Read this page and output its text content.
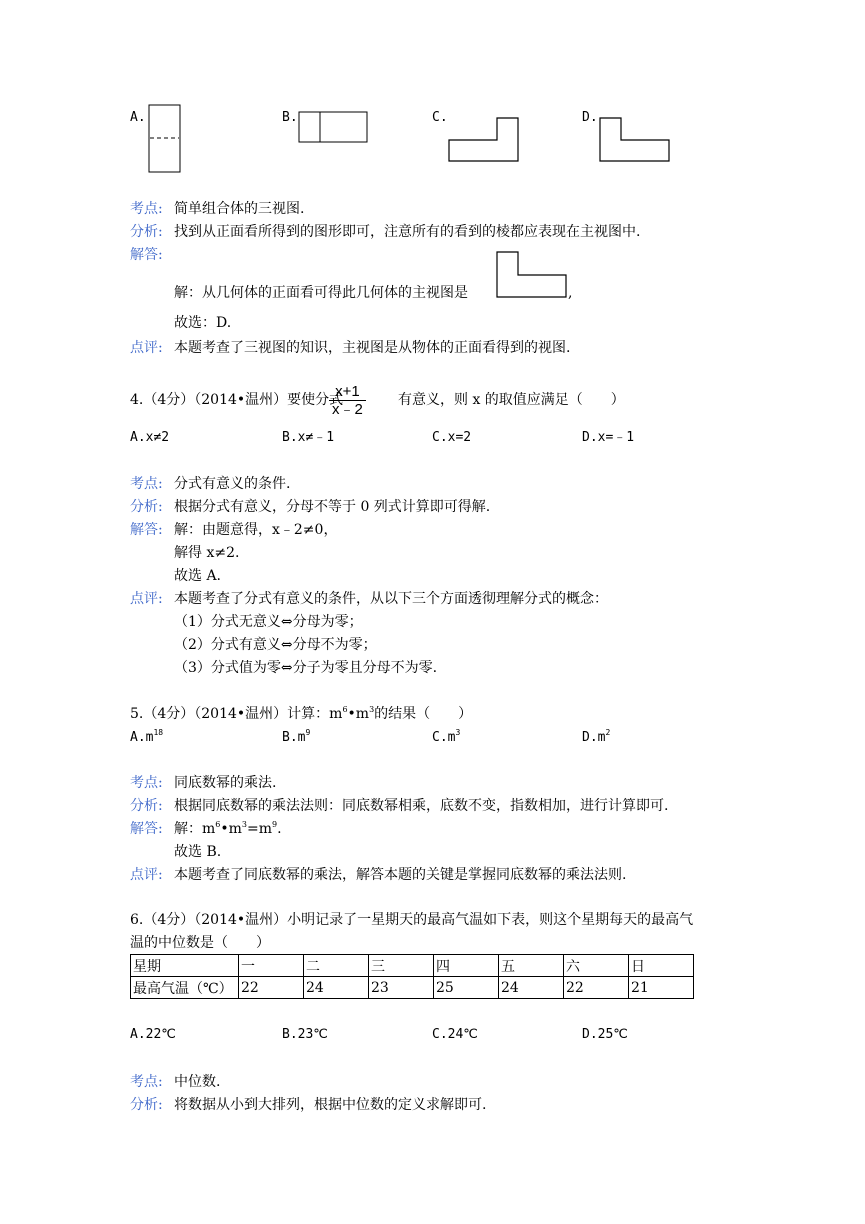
A.	B.	C.	D.
考点: 简单组合体的三视图.
分析: 找到从正面看所得到的图形即可，注意所有的看到的棱都应表现在主视图中.
解答:
解：从几何体的正面看可得此几何体的主视图是	,
故选：D.
点评: 本题考查了三视图的知识，主视图是从物体的正面看得到的视图.
4.（4分）（2014•温州）要使分式
$\frac{x+1}{x﹣2}$ 有意义，则 x 的取值应满足（　　）
A.x≠2	B.x≠﹣1	C.x=2	D.x=﹣1
考点: 分式有意义的条件.
分析: 根据分式有意义，分母不等于 0 列式计算即可得解.
解答: 解：由题意得，x﹣2≠0，
解得 x≠2.
故选 A.
点评: 本题考查了分式有意义的条件，从以下三个方面透彻理解分式的概念：
（1）分式无意义⇔分母为零；
（2）分式有意义⇔分母不为零；
（3）分式值为零⇔分子为零且分母不为零.
5.（4分）（2014•温州）计算：$m^6•m^3$的结果（　　）
$A.m^{18}$	$B.m^9$	$C.m^3$	$D.m^2$
考点: 同底数幂的乘法.
分析: 根据同底数幂的乘法法则：同底数幂相乘，底数不变，指数相加，进行计算即可.
解答: 解：$m^6•m^3=m^9$.
故选 B.
点评: 本题考查了同底数幂的乘法，解答本题的关键是掌握同底数幂的乘法法则.
6.（4分）（2014•温州）小明记录了一星期天的最高气温如下表，则这个星期每天的最高气
温的中位数是（　　）
星期	一	二	三	四	五	六	日
最高气温（℃）	22	24	23	25	24	22	21
A.22℃	B.23℃	C.24℃	D.25℃
考点: 中位数.
分析: 将数据从小到大排列，根据中位数的定义求解即可.
